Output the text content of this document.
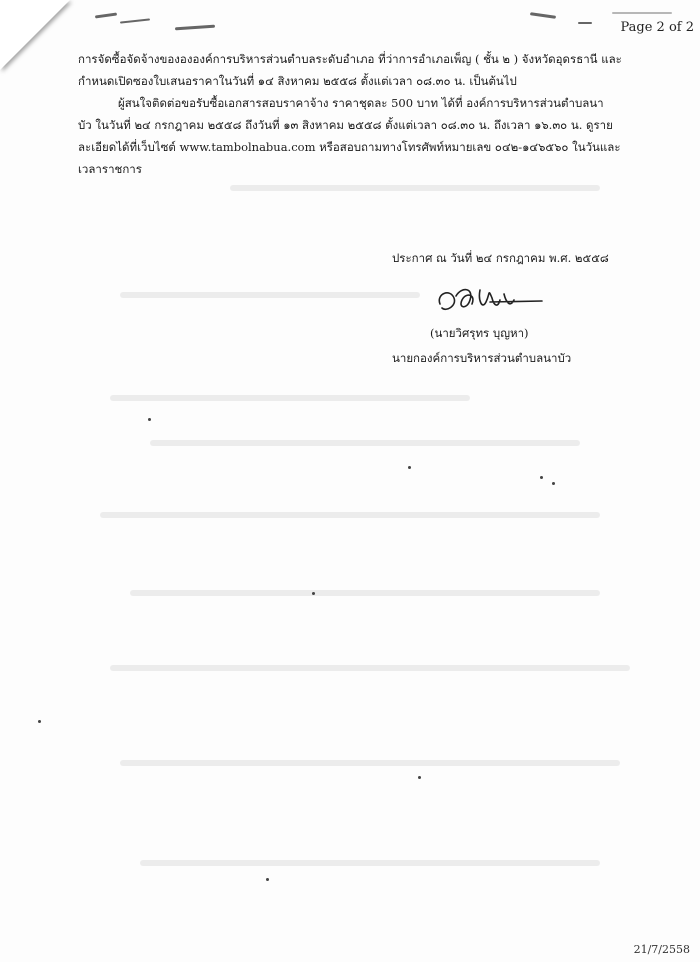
Page 2 of 2

การจัดซื้อจัดจ้างของององค์การบริหารส่วนตำบลระดับอำเภอ ที่ว่าการอำเภอเพ็ญ ( ชั้น ๒ ) จังหวัดอุดรธานี และ

กำหนดเปิดซองใบเสนอราคาในวันที่ ๑๔ สิงหาคม ๒๕๕๘ ตั้งแต่เวลา ๐๘.๓๐ น. เป็นต้นไป

ผู้สนใจติดต่อขอรับซื้อเอกสารสอบราคาจ้าง ราคาชุดละ 500 บาท ได้ที่ องค์การบริหารส่วนตำบลนา

บัว ในวันที่ ๒๔ กรกฎาคม ๒๕๕๘ ถึงวันที่ ๑๓ สิงหาคม ๒๕๕๘ ตั้งแต่เวลา ๐๘.๓๐ น. ถึงเวลา ๑๖.๓๐ น. ดูราย

ละเอียดได้ที่เว็บไซต์ www.tambolnabua.com หรือสอบถามทางโทรศัพท์หมายเลข ๐๔๒-๑๔๖๕๖๐ ในวันและ

เวลาราชการ

ประกาศ ณ วันที่ ๒๔ กรกฎาคม พ.ศ. ๒๕๕๘
(นายวิศรุทร บุญหา)
นายกองค์การบริหารส่วนตำบลนาบัว
21/7/2558
